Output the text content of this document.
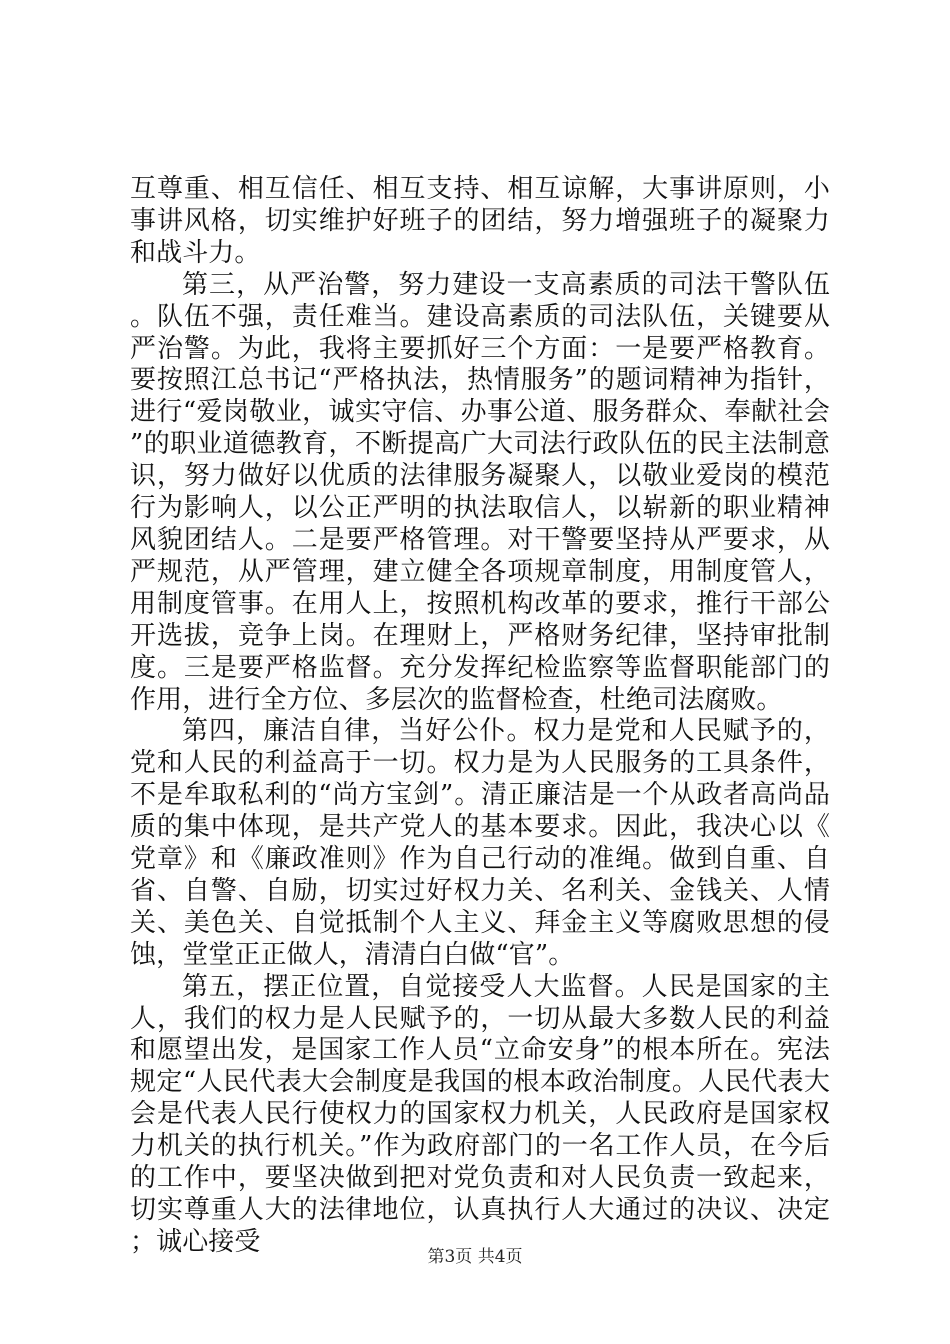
互尊重、相互信任、相互支持、相互谅解，大事讲原则，小事讲风格，切实维护好班子的团结，努力增强班子的凝聚力和战斗力。

第三，从严治警，努力建设一支高素质的司法干警队伍。队伍不强，责任难当。建设高素质的司法队伍，关键要从严治警。为此，我将主要抓好三个方面：一是要严格教育。要按照江总书记“严格执法，热情服务”的题词精神为指针，进行“爱岗敬业，诚实守信、办事公道、服务群众、奉献社会”的职业道德教育，不断提高广大司法行政队伍的民主法制意识，努力做好以优质的法律服务凝聚人，以敬业爱岗的模范行为影响人，以公正严明的执法取信人，以崭新的职业精神风貌团结人。二是要严格管理。对干警要坚持从严要求，从严规范，从严管理，建立健全各项规章制度，用制度管人，用制度管事。在用人上，按照机构改革的要求，推行干部公开选拔，竞争上岗。在理财上，严格财务纪律，坚持审批制度。三是要严格监督。充分发挥纪检监察等监督职能部门的作用，进行全方位、多层次的监督检查，杜绝司法腐败。

第四，廉洁自律，当好公仆。权力是党和人民赋予的，党和人民的利益高于一切。权力是为人民服务的工具条件，不是牟取私利的“尚方宝剑”。清正廉洁是一个从政者高尚品质的集中体现，是共产党人的基本要求。因此，我决心以《党章》和《廉政准则》作为自己行动的准绳。做到自重、自省、自警、自励，切实过好权力关、名利关、金钱关、人情关、美色关、自觉抵制个人主义、拜金主义等腐败思想的侵蚀，堂堂正正做人，清清白白做“官”。

第五，摆正位置，自觉接受人大监督。人民是国家的主人，我们的权力是人民赋予的，一切从最大多数人民的利益和愿望出发，是国家工作人员“立命安身”的根本所在。宪法规定“人民代表大会制度是我国的根本政治制度。人民代表大会是代表人民行使权力的国家权力机关，人民政府是国家权力机关的执行机关。”作为政府部门的一名工作人员，在今后的工作中，要坚决做到把对党负责和对人民负责一致起来，切实尊重人大的法律地位，认真执行人大通过的决议、决定；诚心接受

第3页 共4页
